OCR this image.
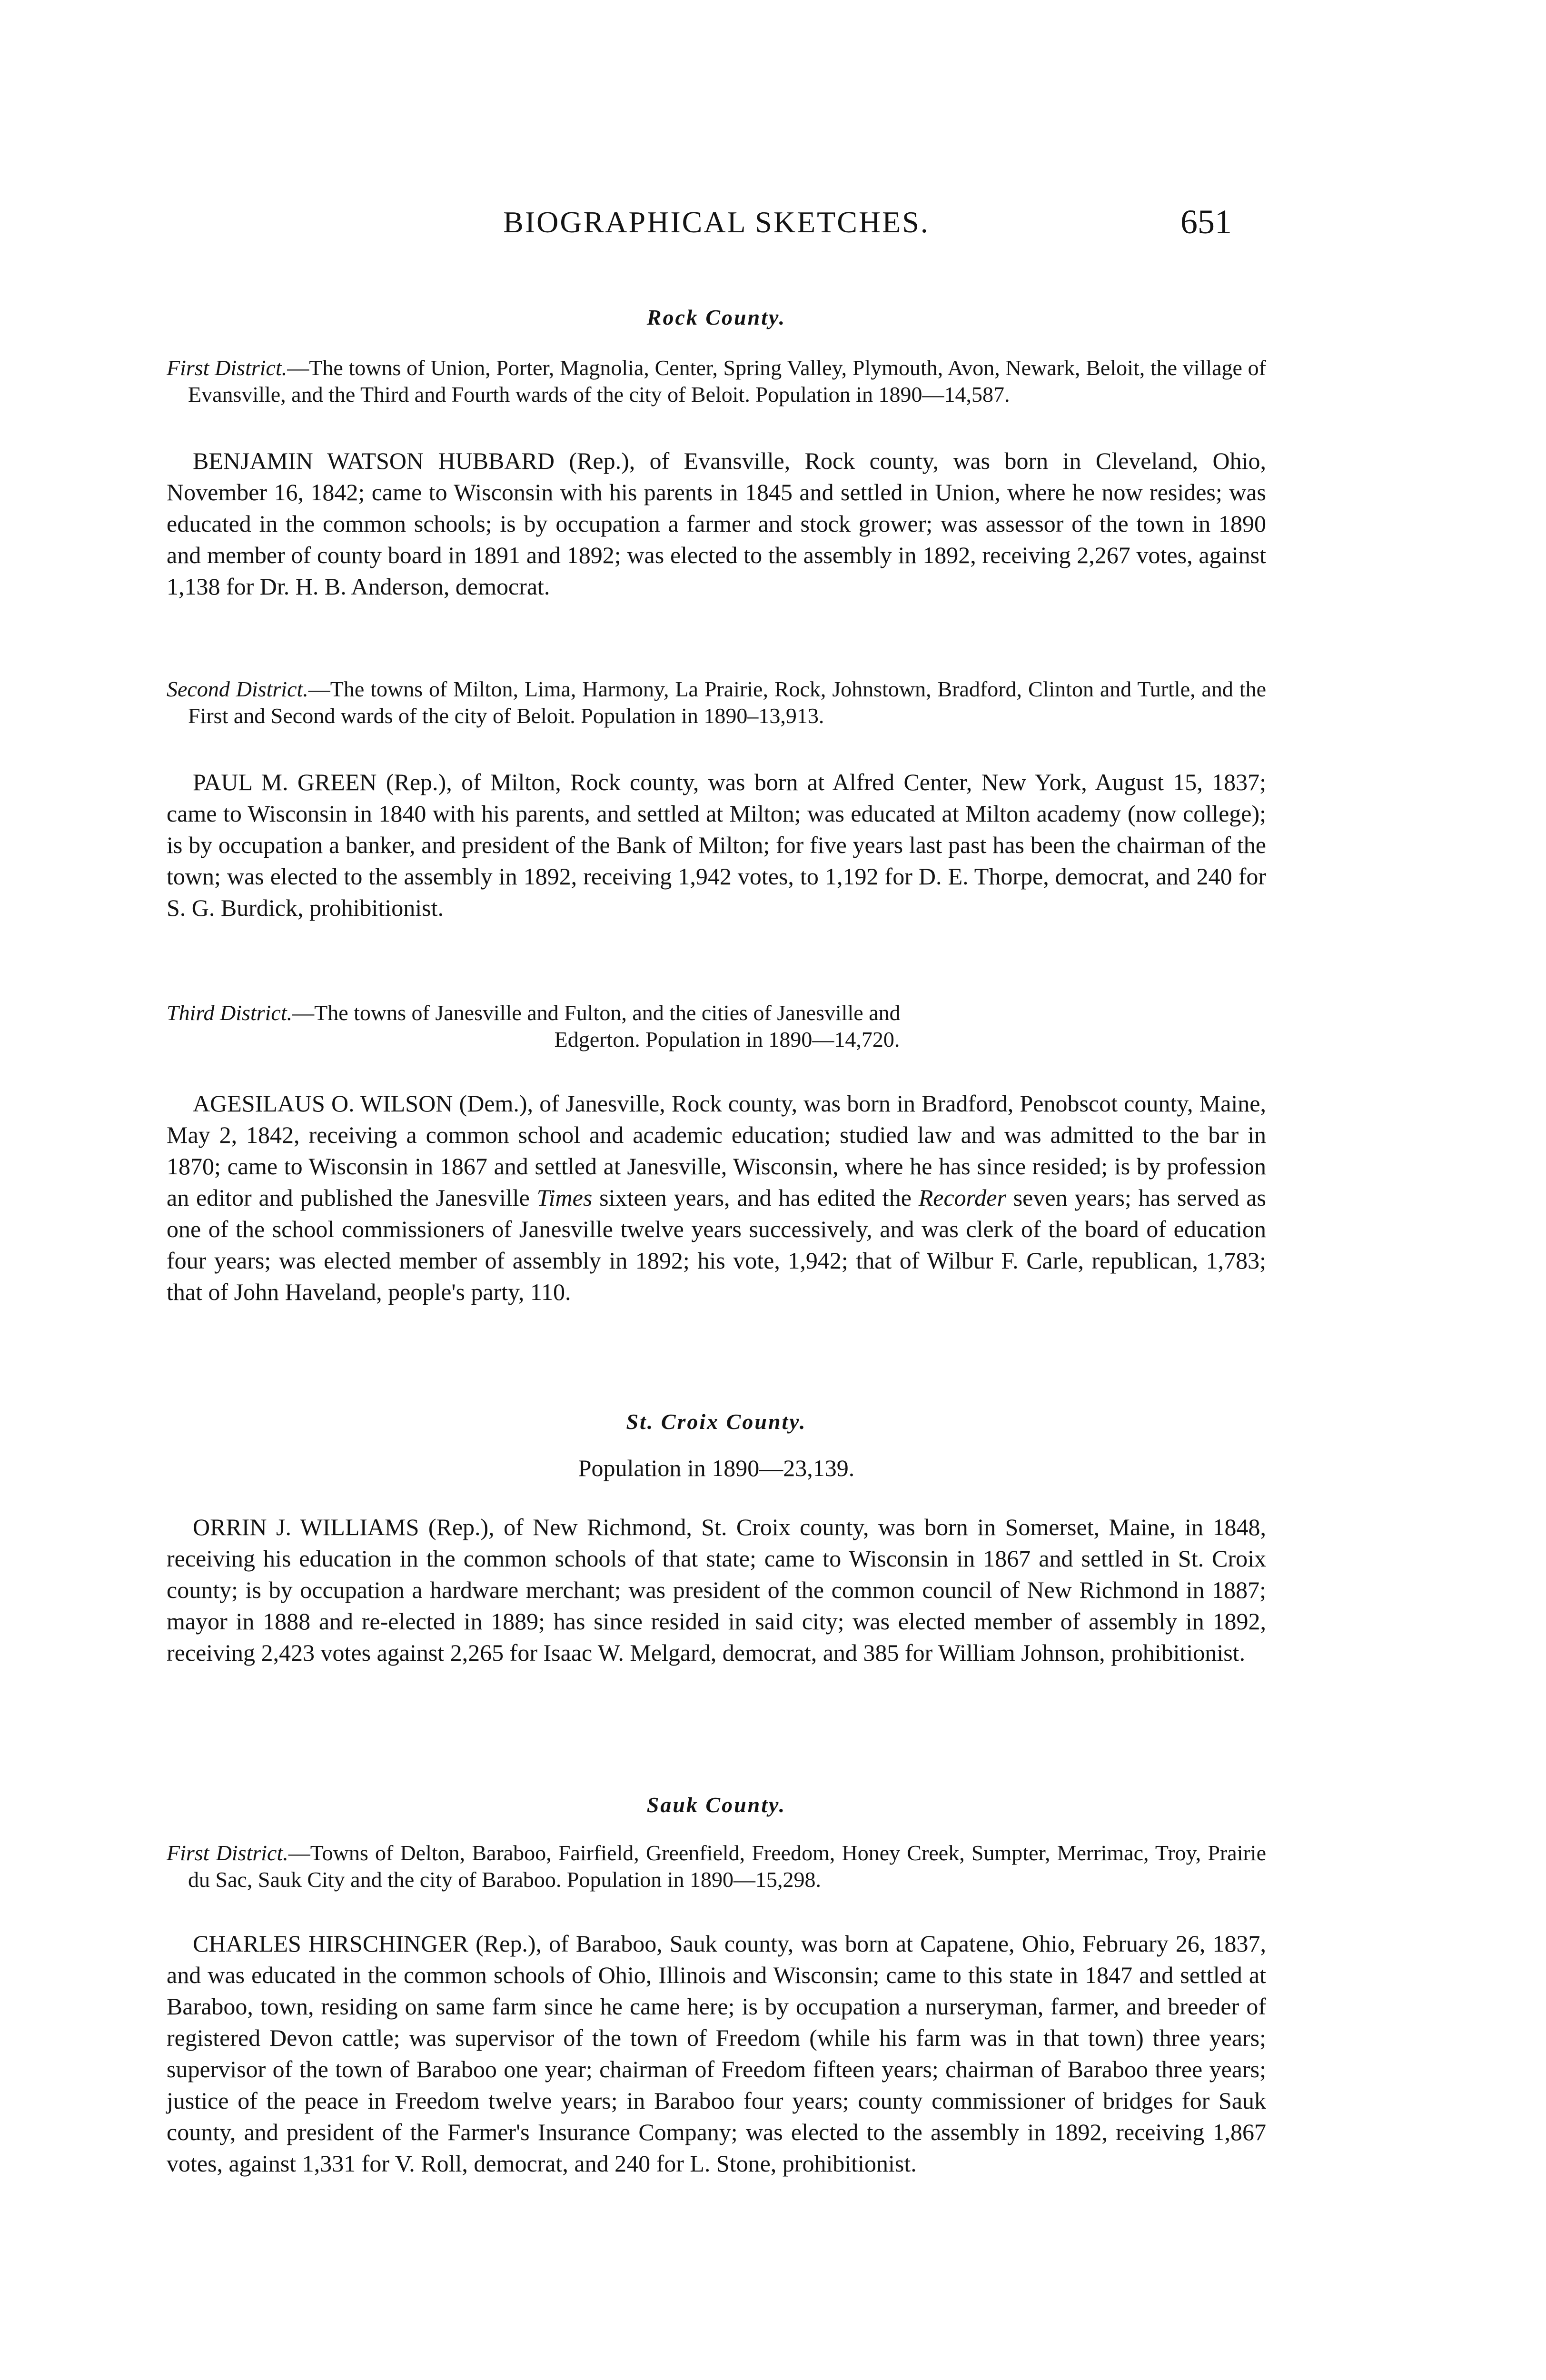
BIOGRAPHICAL SKETCHES.	651
Rock County.
First District.—The towns of Union, Porter, Magnolia, Center, Spring Valley, Plymouth, Avon, Newark, Beloit, the village of Evansville, and the Third and Fourth wards of the city of Beloit. Population in 1890—14,587.
BENJAMIN WATSON HUBBARD (Rep.), of Evansville, Rock county, was born in Cleveland, Ohio, November 16, 1842; came to Wisconsin with his parents in 1845 and settled in Union, where he now resides; was educated in the common schools; is by occupation a farmer and stock grower; was assessor of the town in 1890 and member of county board in 1891 and 1892; was elected to the assembly in 1892, receiving 2,267 votes, against 1,138 for Dr. H. B. Anderson, democrat.
Second District.—The towns of Milton, Lima, Harmony, La Prairie, Rock, Johnstown, Bradford, Clinton and Turtle, and the First and Second wards of the city of Beloit. Population in 1890–13,913.
PAUL M. GREEN (Rep.), of Milton, Rock county, was born at Alfred Center, New York, August 15, 1837; came to Wisconsin in 1840 with his parents, and settled at Milton; was educated at Milton academy (now college); is by occupation a banker, and president of the Bank of Milton; for five years last past has been the chairman of the town; was elected to the assembly in 1892, receiving 1,942 votes, to 1,192 for D. E. Thorpe, democrat, and 240 for S. G. Burdick, prohibitionist.
Third District.—The towns of Janesville and Fulton, and the cities of Janesville and
Edgerton. Population in 1890—14,720.
AGESILAUS O. WILSON (Dem.), of Janesville, Rock county, was born in Bradford, Penobscot county, Maine, May 2, 1842, receiving a common school and academic education; studied law and was admitted to the bar in 1870; came to Wisconsin in 1867 and settled at Janesville, Wisconsin, where he has since resided; is by profession an editor and published the Janesville Times sixteen years, and has edited the Recorder seven years; has served as one of the school commissioners of Janesville twelve years successively, and was clerk of the board of education four years; was elected member of assembly in 1892; his vote, 1,942; that of Wilbur F. Carle, republican, 1,783; that of John Haveland, people's party, 110.
St. Croix County.
Population in 1890—23,139.
ORRIN J. WILLIAMS (Rep.), of New Richmond, St. Croix county, was born in Somerset, Maine, in 1848, receiving his education in the common schools of that state; came to Wisconsin in 1867 and settled in St. Croix county; is by occupation a hardware merchant; was president of the common council of New Richmond in 1887; mayor in 1888 and re-elected in 1889; has since resided in said city; was elected member of assembly in 1892, receiving 2,423 votes against 2,265 for Isaac W. Melgard, democrat, and 385 for William Johnson, prohibitionist.
Sauk County.
First District.—Towns of Delton, Baraboo, Fairfield, Greenfield, Freedom, Honey Creek, Sumpter, Merrimac, Troy, Prairie du Sac, Sauk City and the city of Baraboo. Population in 1890—15,298.
CHARLES HIRSCHINGER (Rep.), of Baraboo, Sauk county, was born at Capatene, Ohio, February 26, 1837, and was educated in the common schools of Ohio, Illinois and Wisconsin; came to this state in 1847 and settled at Baraboo, town, residing on same farm since he came here; is by occupation a nurseryman, farmer, and breeder of registered Devon cattle; was supervisor of the town of Freedom (while his farm was in that town) three years; supervisor of the town of Baraboo one year; chairman of Freedom fifteen years; chairman of Baraboo three years; justice of the peace in Freedom twelve years; in Baraboo four years; county commissioner of bridges for Sauk county, and president of the Farmer's Insurance Company; was elected to the assembly in 1892, receiving 1,867 votes, against 1,331 for V. Roll, democrat, and 240 for L. Stone, prohibitionist.
